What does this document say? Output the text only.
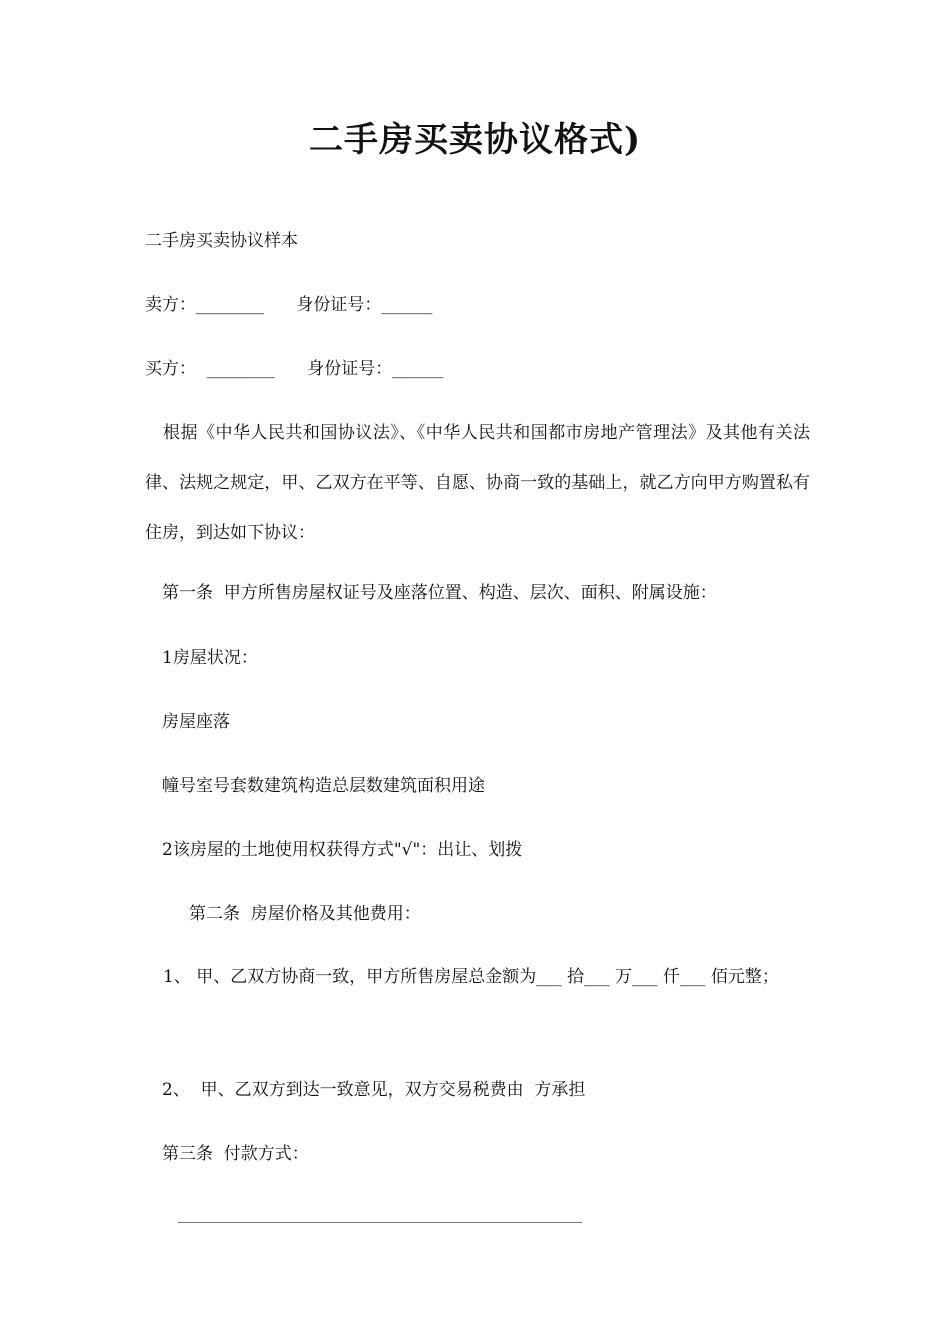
二手房买卖协议格式)
二手房买卖协议样本
卖方：________      身份证号：______
买方：  ________      身份证号：______
根据《中华人民共和国协议法》、《中华人民共和国都市房地产管理法》及其他有关法律、法规之规定，甲、乙双方在平等、自愿、协商一致的基础上，就乙方向甲方购置私有住房，到达如下协议：
第一条  甲方所售房屋权证号及座落位置、构造、层次、面积、附属设施：
1房屋状况：
房屋座落
幢号室号套数建筑构造总层数建筑面积用途
2该房屋的土地使用权获得方式"√"：出让、划拨
第二条  房屋价格及其他费用：
1、 甲、乙双方协商一致，甲方所售房屋总金额为___ 拾___ 万___ 仟___ 佰元整；
2、  甲、乙双方到达一致意见，双方交易税费由  方承担
第三条  付款方式：
